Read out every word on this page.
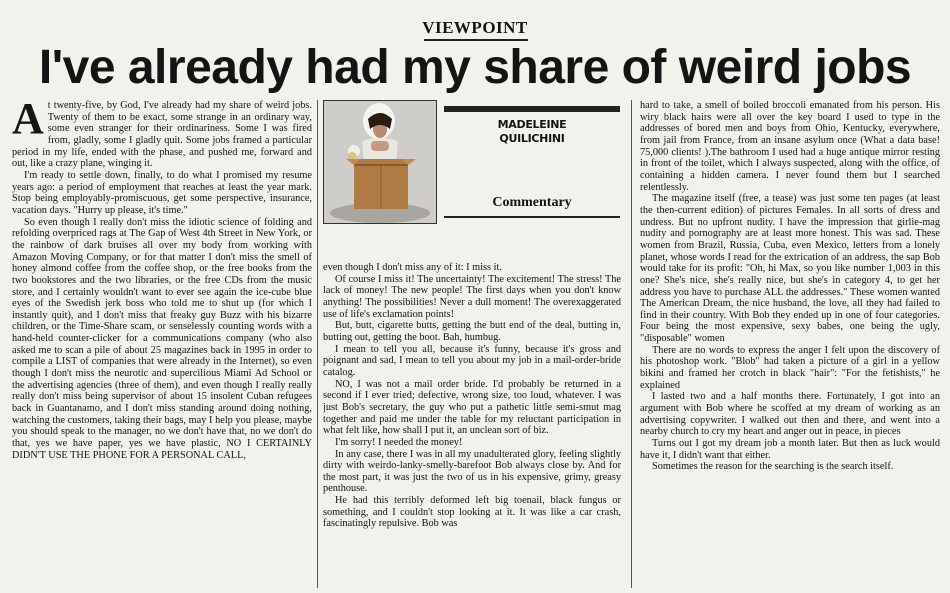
VIEWPOINT
I've already had my share of weird jobs

At twenty-five, by God, I've already had my share of weird jobs. Twenty of them to be exact, some strange in an ordinary way, some even stranger for their ordinariness. Some I was fired from, gladly, some I gladly quit. Some jobs framed a particular period in my life, ended with the phase, and pushed me, forward and out, like a crazy plane, winging it.

I'm ready to settle down, finally, to do what I promised my resume years ago: a period of employment that reaches at least the year mark. Stop being employably-promiscuous, get some perspective, insurance, vacation days. "Hurry up please, it's time."

So even though I really don't miss the idiotic science of folding and refolding overpriced rags at The Gap of West 4th Street in New York, or the rainbow of dark bruises all over my body from working with Amazon Moving Company, or for that matter I don't miss the smell of honey almond coffee from the coffee shop, or the free books from the two bookstores and the two libraries, or the free CDs from the music store, and I certainly wouldn't want to ever see again the ice-cube blue eyes of the Swedish jerk boss who told me to shut up (for which I instantly quit), and I don't miss that freaky guy Buzz with his bizarre children, or the Time-Share scam, or senselessly counting words with a hand-held counter-clicker for a communications company (who also asked me to scan a pile of about 25 magazines back in 1995 in order to compile a LIST of companies that were already in the Internet), so even though I don't miss the neurotic and supercilious Miami Ad School or the advertising agencies (three of them), and even though I really really really don't miss being supervisor of about 15 insolent Cuban refugees back in Guantanamo, and I don't miss standing around doing nothing, watching the customers, taking their bags, may I help you please, maybe you should speak to the manager, no we don't have that, no we don't do that, yes we have paper, yes we have plastic, NO I CERTAINLY DIDN'T USE THE PHONE FOR A PERSONAL CALL,

MADELEINE
QUILICHINI
Commentary

even though I don't miss any of it: I miss it.

Of course I miss it! The uncertainty! The excitement! The stress! The lack of money! The new people! The first days when you don't know anything! The possibilities! Never a dull moment! The overexaggerated use of life's exclamation points!

But, butt, cigarette butts, getting the butt end of the deal, butting in, butting out, getting the boot. Bah, humbug.

I mean to tell you all, because it's funny, because it's gross and poignant and sad, I mean to tell you about my job in a mail-order-bride catalog.

NO, I was not a mail order bride. I'd probably be returned in a second if I ever tried; defective, wrong size, too loud, whatever. I was just Bob's secretary, the guy who put a pathetic little semi-smut mag together and paid me under the table for my reluctant participation in what felt like, how shall I put it, an unclean sort of biz.

I'm sorry! I needed the money!

In any case, there I was in all my unadulterated glory, feeling slightly dirty with weirdo-lanky-smelly-barefoot Bob always close by. And for the most part, it was just the two of us in his expensive, grimy, greasy penthouse.

He had this terribly deformed left big toenail, black fungus or something, and I couldn't stop looking at it. It was like a car crash, fascinatingly repulsive. Bob was

hard to take, a smell of boiled broccoli emanated from his person. His wiry black hairs were all over the key board I used to type in the addresses of bored men and boys from Ohio, Kentucky, everywhere, from jail from France, from an insane asylum once (What a data base! 75,000 clients! ).The bathroom I used had a huge antique mirror resting in front of the toilet, which I always suspected, along with the office, of containing a hidden camera. I never found them but I searched relentlessly.

The magazine itself (free, a tease) was just some ten pages (at least the then-current edition) of pictures Females. In all sorts of dress and undress. But no upfront nudity. I have the impression that girlie-mag nudity and pornography are at least more honest. This was sad. These women from Brazil, Russia, Cuba, even Mexico, letters from a lonely planet, whose words I read for the extrication of an address, the sap Bob would take for its profit: "Oh, hi Max, so you like number 1,003 in this one? She's nice, she's really nice, but she's in category 4, to get her address you have to purchase ALL the addresses." These women wanted The American Dream, the nice husband, the love, all they had failed to find in their country. With Bob they ended up in one of four categories. Four being the most expensive, sexy babes, one being the ugly, "disposable" women

There are no words to express the anger I felt upon the discovery of his photoshop work. "Blob" had taken a picture of a girl in a yellow bikini and framed her crotch in black "hair": "For the fetishists," he explained

I lasted two and a half months there. Fortunately, I got into an argument with Bob where he scoffed at my dream of working as an advertising copywriter. I walked out then and there, and went into a nearby church to cry my heart and anger out in peace, in pieces

Turns out I got my dream job a month later. But then as luck would have it, I didn't want that either.

Sometimes the reason for the searching is the search itself.
